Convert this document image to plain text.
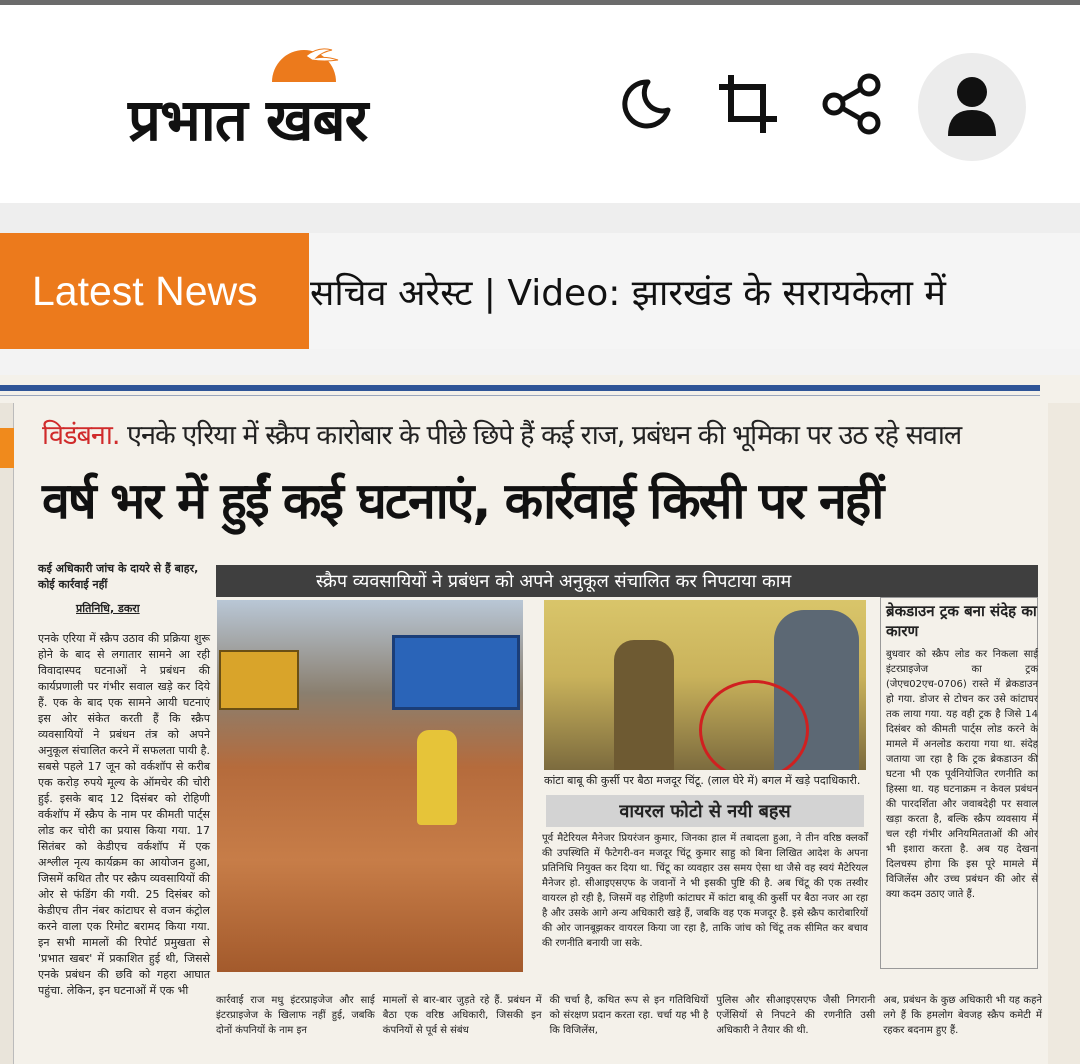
प्रभात खबर
Latest News	सचिव अरेस्ट | Video: झारखंड के सरायकेला में
विडंबना. एनके एरिया में स्क्रैप कारोबार के पीछे छिपे हैं कई राज, प्रबंधन की भूमिका पर उठ रहे सवाल
वर्ष भर में हुईं कई घटनाएं, कार्रवाई किसी पर नहीं
कई अधिकारी जांच के दायरे से हैं बाहर, कोई कार्रवाई नहीं
प्रतिनिधि, डकरा
एनके एरिया में स्क्रैप उठाव की प्रक्रिया शुरू होने के बाद से लगातार सामने आ रही विवादास्पद घटनाओं ने प्रबंधन की कार्यप्रणाली पर गंभीर सवाल खड़े कर दिये हैं. एक के बाद एक सामने आयी घटनाएं इस ओर संकेत करती हैं कि स्क्रैप व्यवसायियों ने प्रबंधन तंत्र को अपने अनुकूल संचालित करने में सफलता पायी है. सबसे पहले 17 जून को वर्कशॉप से करीब एक करोड़ रुपये मूल्य के ऑमचेर की चोरी हुई. इसके बाद 12 दिसंबर को रोहिणी वर्कशॉप में स्क्रैप के नाम पर कीमती पार्ट्स लोड कर चोरी का प्रयास किया गया. 17 सितंबर को केडीएच वर्कशॉप में एक अश्लील नृत्य कार्यक्रम का आयोजन हुआ, जिसमें कथित तौर पर स्क्रैप व्यवसायियों की ओर से फंडिंग की गयी. 25 दिसंबर को केडीएच तीन नंबर कांटाघर से वजन कंट्रोल करने वाला एक रिमोट बरामद किया गया. इन सभी मामलों की रिपोर्ट प्रमुखता से 'प्रभात खबर' में प्रकाशित हुई थी, जिससे एनके प्रबंधन की छवि को गहरा आघात पहुंचा. लेकिन, इन घटनाओं में एक भी
स्क्रैप व्यवसायियों ने प्रबंधन को अपने अनुकूल संचालित कर निपटाया काम
कांटा बाबू की कुर्सी पर बैठा मजदूर चिंटू. (लाल घेरे में) बगल में खड़े पदाधिकारी.
वायरल फोटो से नयी बहस
पूर्व मैटेरियल मैनेजर प्रियरंजन कुमार, जिनका हाल में तबादला हुआ, ने तीन वरिष्ठ क्लर्कों की उपस्थिति में फैटेगरी-वन मजदूर चिंटू कुमार साहु को बिना लिखित आदेश के अपना प्रतिनिधि नियुक्त कर दिया था. चिंटू का व्यवहार उस समय ऐसा था जैसे वह स्वयं मैटेरियल मैनेजर हो. सीआइएसएफ के जवानों ने भी इसकी पुष्टि की है. अब चिंटू की एक तस्वीर वायरल हो रही है, जिसमें वह रोहिणी कांटाघर में कांटा बाबू की कुर्सी पर बैठा नजर आ रहा है और उसके आगे अन्य अधिकारी खड़े हैं, जबकि वह एक मजदूर है. इसे स्क्रैप कारोबारियों की ओर जानबूझकर वायरल किया जा रहा है, ताकि जांच को चिंटू तक सीमित कर बचाव की रणनीति बनायी जा सके.
ब्रेकडाउन ट्रक बना संदेह का कारण
बुधवार को स्क्रैप लोड कर निकला साई इंटरप्राइजेज का ट्रक (जेएच02एच-0706) रास्ते में ब्रेकडाउन हो गया. डोजर से टोचन कर उसे कांटाघर तक लाया गया. यह वही ट्रक है जिसे 14 दिसंबर को कीमती पार्ट्स लोड करने के मामले में अनलोड कराया गया था. संदेह जताया जा रहा है कि ट्रक ब्रेकडाउन की घटना भी एक पूर्वनियोजित रणनीति का हिस्सा था. यह घटनाक्रम न केवल प्रबंधन की पारदर्शिता और जवाबदेही पर सवाल खड़ा करता है, बल्कि स्क्रैप व्यवसाय में चल रही गंभीर अनियमितताओं की ओर भी इशारा करता है. अब यह देखना दिलचस्प होगा कि इस पूरे मामले में विजिलेंस और उच्च प्रबंधन की ओर से क्या कदम उठाए जाते हैं.
कार्रवाई राज मधु इंटरप्राइजेज और साई इंटरप्राइजेज के खिलाफ नहीं हुई, जबकि दोनों कंपनियों के नाम इन
मामलों से बार-बार जुड़ते रहे हैं. प्रबंधन में बैठा एक वरिष्ठ अधिकारी, जिसकी इन कंपनियों से पूर्व से संबंध
की चर्चा है, कथित रूप से इन गतिविधियों को संरक्षण प्रदान करता रहा. चर्चा यह भी है कि विजिलेंस,
पुलिस और सीआइएसएफ जैसी निगरानी एजेंसियों से निपटने की रणनीति उसी अधिकारी ने तैयार की थी.
अब, प्रबंधन के कुछ अधिकारी भी यह कहने लगे हैं कि हमलोग बेवजह स्क्रैप कमेटी में रहकर बदनाम हुए हैं.
